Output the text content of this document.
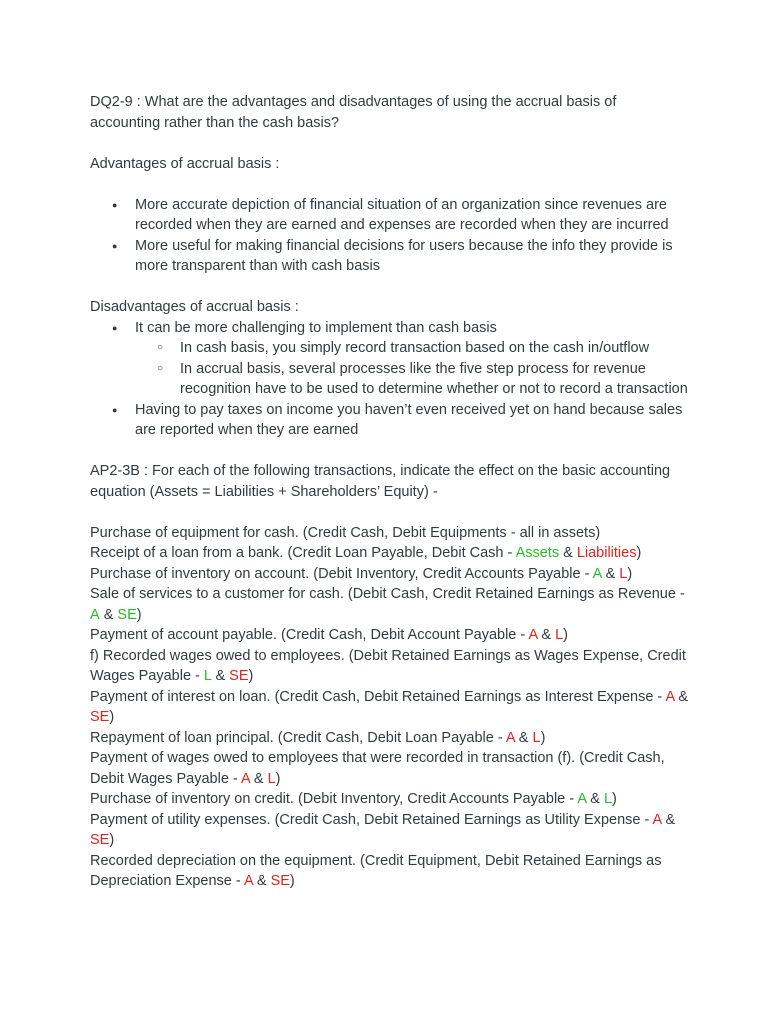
DQ2-9 : What are the advantages and disadvantages of using the accrual basis of accounting rather than the cash basis?

Advantages of accrual basis :

● More accurate depiction of financial situation of an organization since revenues are recorded when they are earned and expenses are recorded when they are incurred
● More useful for making financial decisions for users because the info they provide is more transparent than with cash basis

Disadvantages of accrual basis :

● It can be more challenging to implement than cash basis
○ In cash basis, you simply record transaction based on the cash in/outflow
○ In accrual basis, several processes like the five step process for revenue recognition have to be used to determine whether or not to record a transaction
● Having to pay taxes on income you haven’t even received yet on hand because sales are reported when they are earned

AP2-3B : For each of the following transactions, indicate the effect on the basic accounting equation (Assets = Liabilities + Shareholders’ Equity) -

Purchase of equipment for cash. (Credit Cash, Debit Equipments - all in assets)

Receipt of a loan from a bank. (Credit Loan Payable, Debit Cash - Assets & Liabilities)

Purchase of inventory on account. (Debit Inventory, Credit Accounts Payable - A & L)

Sale of services to a customer for cash. (Debit Cash, Credit Retained Earnings as Revenue - A & SE)

Payment of account payable. (Credit Cash, Debit Account Payable - A & L)

f) Recorded wages owed to employees. (Debit Retained Earnings as Wages Expense, Credit Wages Payable - L & SE)

Payment of interest on loan. (Credit Cash, Debit Retained Earnings as Interest Expense - A & SE)

Repayment of loan principal. (Credit Cash, Debit Loan Payable - A & L)

Payment of wages owed to employees that were recorded in transaction (f). (Credit Cash, Debit Wages Payable - A & L)

Purchase of inventory on credit. (Debit Inventory, Credit Accounts Payable - A & L)

Payment of utility expenses. (Credit Cash, Debit Retained Earnings as Utility Expense - A & SE)

Recorded depreciation on the equipment. (Credit Equipment, Debit Retained Earnings as Depreciation Expense - A & SE)
